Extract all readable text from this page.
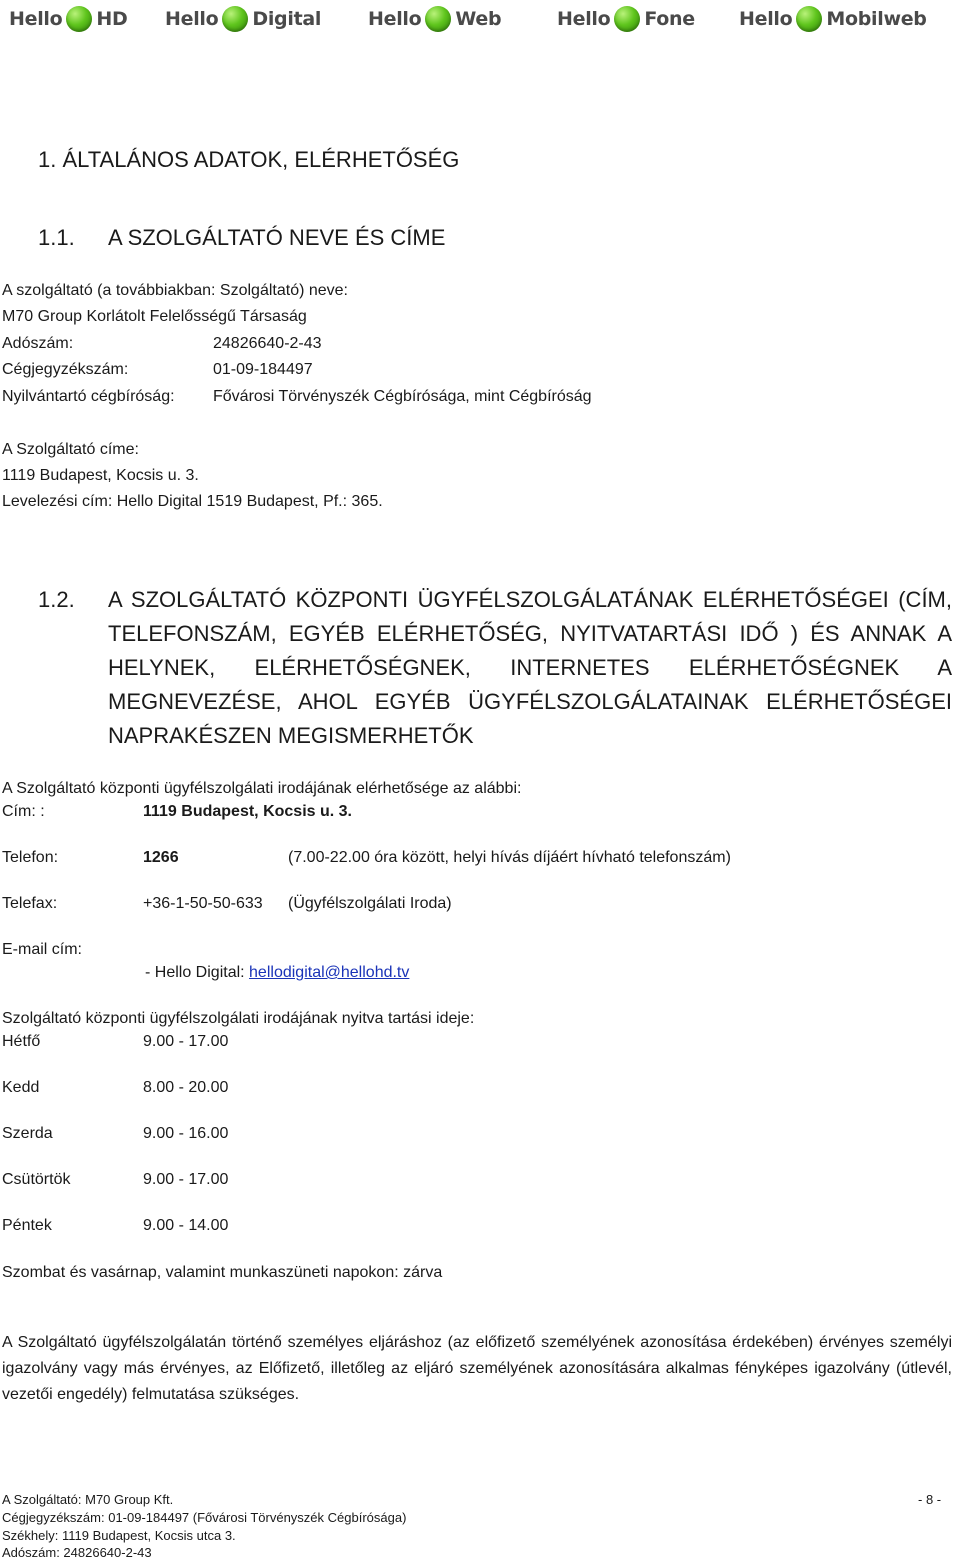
Hello HD Hello Digital Hello Web	Hello Fone Hello Mobilweb
1. ÁLTALÁNOS ADATOK, ELÉRHETŐSÉG
1.1. A SZOLGÁLTATÓ NEVE ÉS CÍME
A szolgáltató (a továbbiakban: Szolgáltató) neve:
M70 Group Korlátolt Felelősségű Társaság
Adószám:	24826640-2-43
Cégjegyzékszám:	01-09-184497
Nyilvántartó cégbíróság: Fővárosi Törvényszék Cégbírósága, mint Cégbíróság
A Szolgáltató címe:
1119 Budapest, Kocsis u. 3.
Levelezési cím: Hello Digital 1519 Budapest, Pf.: 365.
1.2. A SZOLGÁLTATÓ KÖZPONTI ÜGYFÉLSZOLGÁLATÁNAK ELÉRHETŐSÉGEI (CÍM, TELEFONSZÁM, EGYÉB ELÉRHETŐSÉG, NYITVATARTÁSI IDŐ ) ÉS ANNAK A HELYNEK, ELÉRHETŐSÉGNEK, INTERNETES ELÉRHETŐSÉGNEK A MEGNEVEZÉSE, AHOL EGYÉB ÜGYFÉLSZOLGÁLATAINAK ELÉRHETŐSÉGEI NAPRAKÉSZEN MEGISMERHETŐK
A Szolgáltató központi ügyfélszolgálati irodájának elérhetősége az alábbi:
Cím: :	1119 Budapest, Kocsis u. 3.
Telefon:	1266	(7.00-22.00 óra között, helyi hívás díjáért hívható telefonszám)
Telefax:	+36-1-50-50-633 (Ügyfélszolgálati Iroda)
E-mail cím:
- Hello Digital: hellodigital@hellohd.tv
Szolgáltató központi ügyfélszolgálati irodájának nyitva tartási ideje:
Hétfő	9.00 - 17.00
Kedd	8.00 - 20.00
Szerda	9.00 - 16.00
Csütörtök	9.00 - 17.00
Péntek	9.00 - 14.00
Szombat és vasárnap, valamint munkaszüneti napokon: zárva
A Szolgáltató ügyfélszolgálatán történő személyes eljáráshoz (az előfizető személyének azonosítása érdekében) érvényes személyi igazolvány vagy más érvényes, az Előfizető, illetőleg az eljáró személyének azonosítására alkalmas fényképes igazolvány (útlevél, vezetői engedély) felmutatása szükséges.
A Szolgáltató: M70 Group Kft.
Cégjegyzékszám: 01-09-184497 (Fővárosi Törvényszék Cégbírósága)
Székhely: 1119 Budapest, Kocsis utca 3.
Adószám: 24826640-2-43
- 8 -
